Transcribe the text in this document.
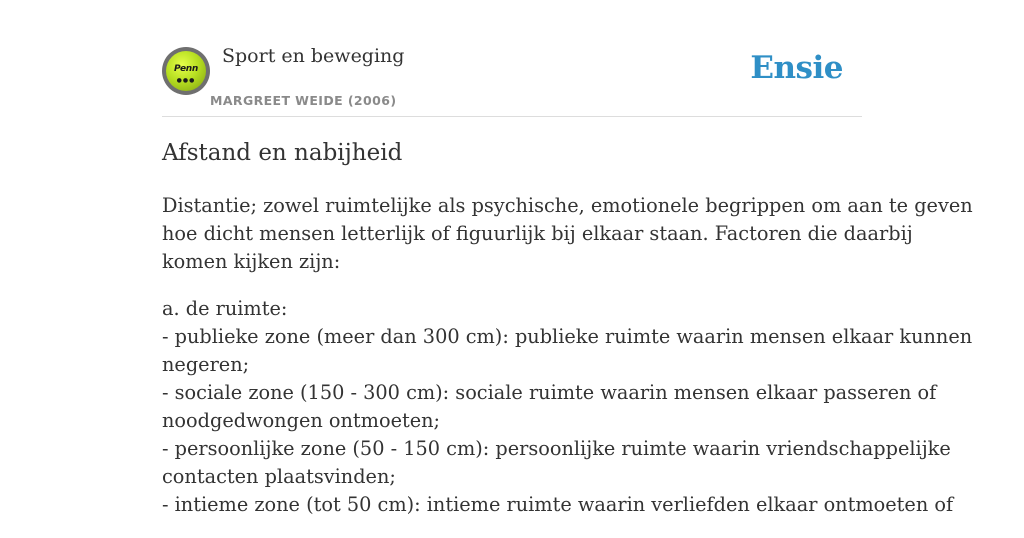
Penn
●●●
Sport en beweging
MARGREET WEIDE (2006)
Ensie
Afstand en nabijheid

Distantie; zowel ruimtelijke als psychische, emotionele begrippen om aan te geven
hoe dicht mensen letterlijk of figuurlijk bij elkaar staan. Factoren die daarbij
komen kijken zijn:

a. de ruimte:
- publieke zone (meer dan 300 cm): publieke ruimte waarin mensen elkaar kunnen
negeren;
- sociale zone (150 - 300 cm): sociale ruimte waarin mensen elkaar passeren of
noodgedwongen ontmoeten;
- persoonlijke zone (50 - 150 cm): persoonlijke ruimte waarin vriendschappelijke
contacten plaatsvinden;
- intieme zone (tot 50 cm): intieme ruimte waarin verliefden elkaar ontmoeten of
